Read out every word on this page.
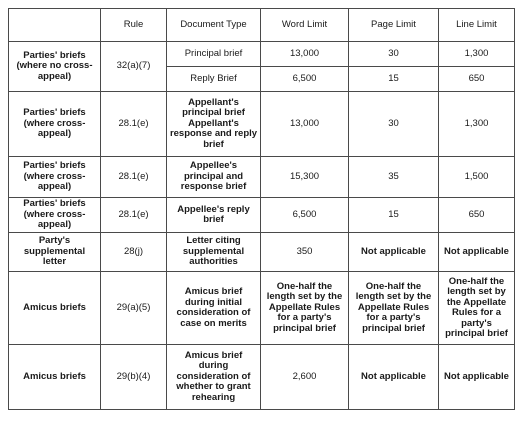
	Rule	Document Type	Word Limit	Page Limit	Line Limit
Parties' briefs (where no cross-appeal)	32(a)(7)	Principal brief	13,000	30	1,300
		Reply Brief	6,500	15	650
Parties' briefs (where cross-appeal)	28.1(e)	Appellant's principal brief Appellant's response and reply brief	13,000	30	1,300
Parties' briefs (where cross-appeal)	28.1(e)	Appellee's principal and response brief	15,300	35	1,500
Parties' briefs (where cross-appeal)	28.1(e)	Appellee's reply brief	6,500	15	650
Party's supplemental letter	28(j)	Letter citing supplemental authorities	350	Not applicable	Not applicable
Amicus briefs	29(a)(5)	Amicus brief during initial consideration of case on merits	One-half the length set by the Appellate Rules for a party's principal brief	One-half the length set by the Appellate Rules for a party's principal brief	One-half the length set by the Appellate Rules for a party's principal brief
Amicus briefs	29(b)(4)	Amicus brief during consideration of whether to grant rehearing	2,600	Not applicable	Not applicable
